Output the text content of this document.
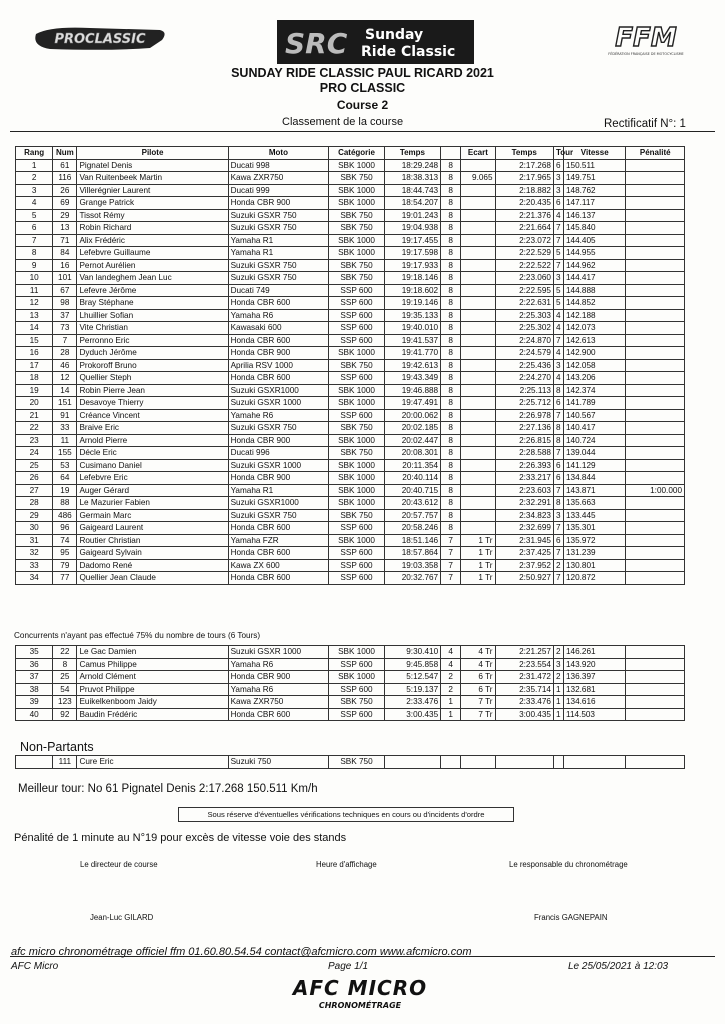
PROCLASSIC	SRC Sunday
Ride Classic	FFM
FÉDÉRATION FRANÇAISE DE MOTOCYCLISME
SUNDAY RIDE CLASSIC PAUL RICARD 2021
PRO CLASSIC
Course 2
Classement de la course	Rectificatif N°: 1
Rang	Num	Pilote	Moto	Catégorie	Temps		Ecart	Temps	Tour	Vitesse	Pénalité
1	61	Pignatel Denis	Ducati 998	SBK 1000	18:29.248	8		2:17.268	6	150.511	
2	116	Van Ruitenbeek Martin	Kawa ZXR750	SBK 750	18:38.313	8	9.065	2:17.965	3	149.751	
3	26	Villerégnier Laurent	Ducati 999	SBK 1000	18:44.743	8		2:18.882	3	148.762	
4	69	Grange Patrick	Honda CBR 900	SBK 1000	18:54.207	8		2:20.435	6	147.117	
5	29	Tissot Rémy	Suzuki GSXR 750	SBK 750	19:01.243	8		2:21.376	4	146.137	
6	13	Robin Richard	Suzuki GSXR 750	SBK 750	19:04.938	8		2:21.664	7	145.840	
7	71	Alix Frédéric	Yamaha R1	SBK 1000	19:17.455	8		2:23.072	7	144.405	
8	84	Lefebvre Guillaume	Yamaha R1	SBK 1000	19:17.598	8		2:22.529	5	144.955	
9	16	Pernot Aurélien	Suzuki GSXR 750	SBK 750	19:17.933	8		2:22.522	7	144.962	
10	101	Van landeghem Jean Luc	Suzuki GSXR 750	SBK 750	19:18.146	8		2:23.060	3	144.417	
11	67	Lefevre Jérôme	Ducati 749	SSP 600	19:18.602	8		2:22.595	5	144.888	
12	98	Bray Stéphane	Honda CBR 600	SSP 600	19:19.146	8		2:22.631	5	144.852	
13	37	Lhuillier Sofian	Yamaha R6	SSP 600	19:35.133	8		2:25.303	4	142.188	
14	73	Vite Christian	Kawasaki 600	SSP 600	19:40.010	8		2:25.302	4	142.073	
15	7	Perronno Eric	Honda CBR 600	SSP 600	19:41.537	8		2:24.870	7	142.613	
16	28	Dyduch Jérôme	Honda CBR 900	SBK 1000	19:41.770	8		2:24.579	4	142.900	
17	46	Prokoroff Bruno	Aprilia RSV 1000	SBK 750	19:42.613	8		2:25.436	3	142.058	
18	12	Quellier Steph	Honda CBR 600	SSP 600	19:43.349	8		2:24.270	4	143.206	
19	14	Robin Pierre Jean	Suzuki GSXR1000	SBK 1000	19:46.888	8		2:25.113	8	142.374	
20	151	Desavoye Thierry	Suzuki GSXR 1000	SBK 1000	19:47.491	8		2:25.712	6	141.789	
21	91	Créance Vincent	Yamahe R6	SSP 600	20:00.062	8		2:26.978	7	140.567	
22	33	Braive Eric	Suzuki GSXR 750	SBK 750	20:02.185	8		2:27.136	8	140.417	
23	11	Arnold Pierre	Honda CBR 900	SBK 1000	20:02.447	8		2:26.815	8	140.724	
24	155	Décle Eric	Ducati 996	SBK 750	20:08.301	8		2:28.588	7	139.044	
25	53	Cusimano Daniel	Suzuki GSXR 1000	SBK 1000	20:11.354	8		2:26.393	6	141.129	
26	64	Lefebvre Eric	Honda CBR 900	SBK 1000	20:40.114	8		2:33.217	6	134.844	
27	19	Auger Gérard	Yamaha R1	SBK 1000	20:40.715	8		2:23.603	7	143.871	1:00.000
28	88	Le Mazurier Fabien	Suzuki GSXR1000	SBK 1000	20:43.612	8		2:32.291	8	135.663	
29	486	Germain Marc	Suzuki GSXR 750	SBK 750	20:57.757	8		2:34.823	3	133.445	
30	96	Gaigeard Laurent	Honda CBR 600	SSP 600	20:58.246	8		2:32.699	7	135.301	
31	74	Routier Christian	Yamaha FZR	SBK 1000	18:51.146	7	1 Tr	2:31.945	6	135.972	
32	95	Gaigeard Sylvain	Honda CBR 600	SSP 600	18:57.864	7	1 Tr	2:37.425	7	131.239	
33	79	Dadomo René	Kawa ZX 600	SSP 600	19:03.358	7	1 Tr	2:37.952	2	130.801	
34	77	Quellier Jean Claude	Honda CBR 600	SSP 600	20:32.767	7	1 Tr	2:50.927	7	120.872	
Concurrents n'ayant pas effectué 75% du nombre de tours (6 Tours)
35	22	Le Gac Damien	Suzuki GSXR 1000	SBK 1000	9:30.410	4	4 Tr	2:21.257	2	146.261	
36	8	Camus Philippe	Yamaha R6	SSP 600	9:45.858	4	4 Tr	2:23.554	3	143.920	
37	25	Arnold Clément	Honda CBR 900	SBK 1000	5:12.547	2	6 Tr	2:31.472	2	136.397	
38	54	Pruvot Philippe	Yamaha R6	SSP 600	5:19.137	2	6 Tr	2:35.714	1	132.681	
39	123	Euikelkenboom Jaidy	Kawa ZXR750	SBK 750	2:33.476	1	7 Tr	2:33.476	1	134.616	
40	92	Baudin Frédéric	Honda CBR 600	SSP 600	3:00.435	1	7 Tr	3:00.435	1	114.503	
Non-Partants
	111	Cure Eric	Suzuki 750	SBK 750							
Meilleur tour: No 61 Pignatel Denis 2:17.268 150.511 Km/h
Sous réserve d'éventuelles vérifications techniques en cours ou d'incidents d'ordre
Pénalité de 1 minute au N°19 pour excès de vitesse voie des stands
Le directeur de course	Heure d'affichage	Le responsable du chronométrage
Jean-Luc GILARD	Francis GAGNEPAIN
afc micro chronométrage officiel ffm 01.60.80.54.54 contact@afcmicro.com www.afcmicro.com
AFC Micro	Page 1/1	Le 25/05/2021 à 12:03
AFC MICRO
CHRONOMÉTRAGE
